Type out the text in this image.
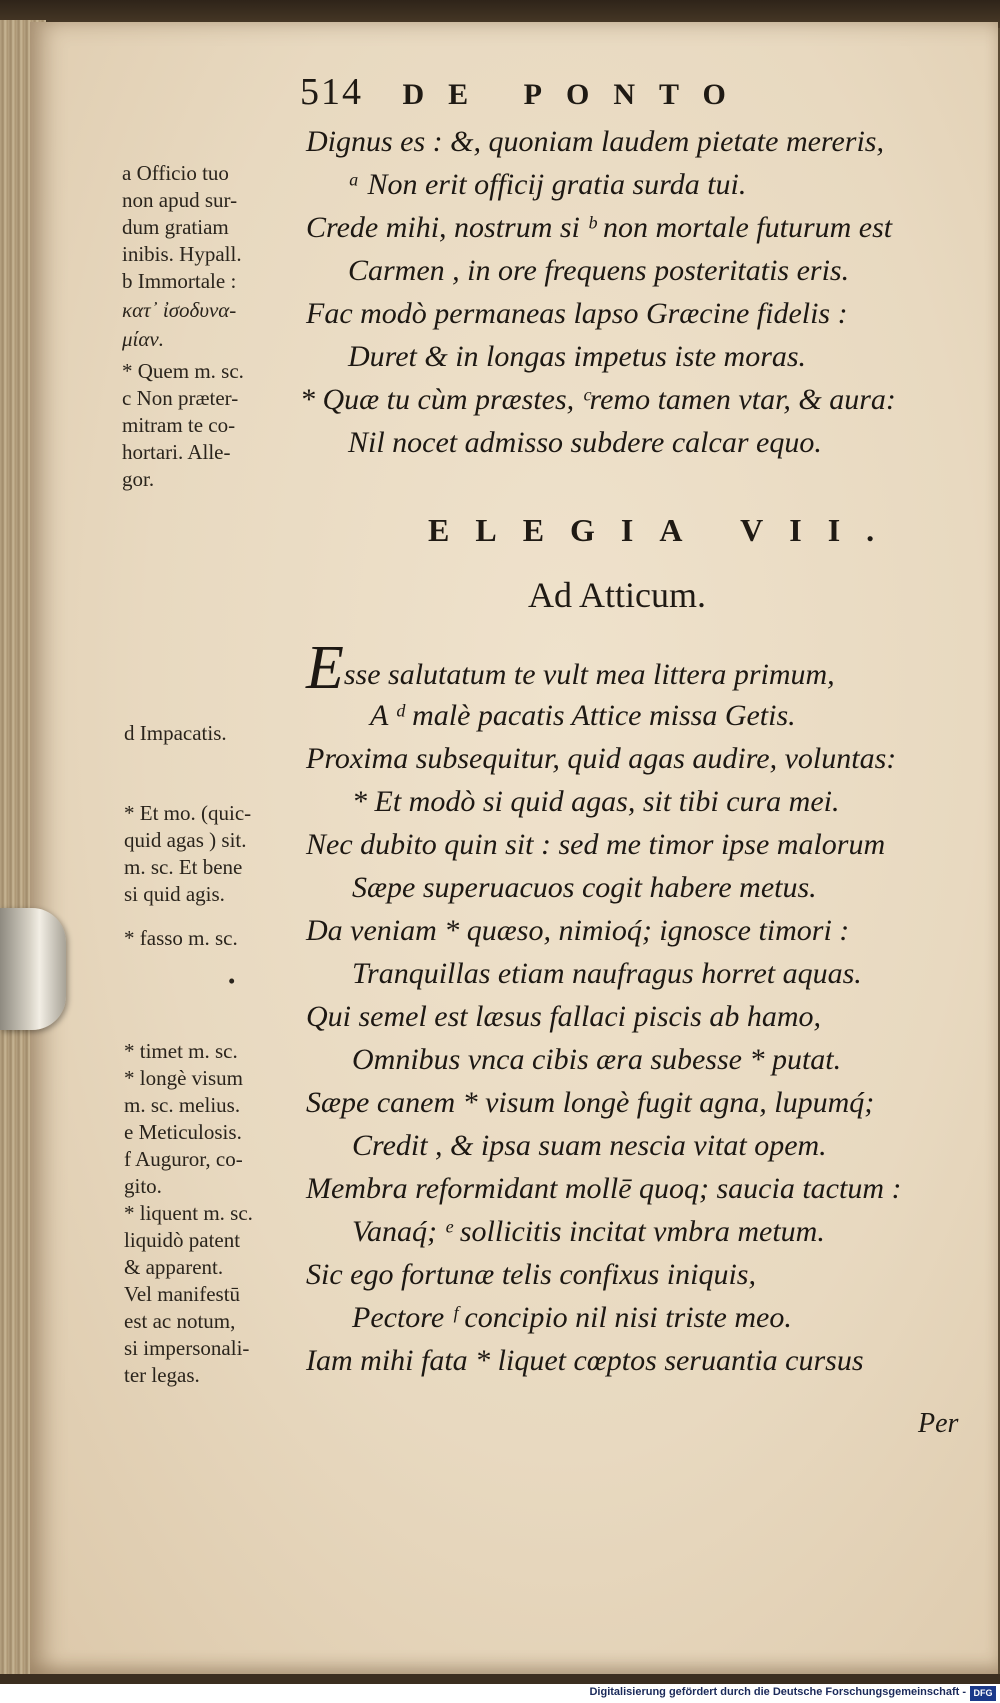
514 DE PONTO
Dignus es : &, quoniam laudem pietate mereris,
ᵃ Non erit officij gratia surda tui.
Crede mihi, nostrum si ᵇ non mortale futurum est
Carmen , in ore frequens posteritatis eris.
Fac modò permaneas lapso Græcine fidelis :
Duret & in longas impetus iste moras.
* Quæ tu cùm præstes, ᶜremo tamen vtar, & aura:
Nil nocet admisso subdere calcar equo.
a Officio tuo
non apud sur-
dum gratiam
inibis. Hypall.
b Immortale :
κατ᾽ ἰσοδυνα-
μίαν.
* Quem m. sc.
c Non præter-
mitram te co-
hortari. Alle-
gor.
ELEGIA VII.
Ad Atticum.
Esse salutatum te vult mea littera primum,
A ᵈ malè pacatis Attice missa Getis.
Proxima subsequitur, quid agas audire, voluntas:
* Et modò si quid agas, sit tibi cura mei.
Nec dubito quin sit : sed me timor ipse malorum
Sæpe superuacuos cogit habere metus.
Da veniam * quæso, nimioq́; ignosce timori :
Tranquillas etiam naufragus horret aquas.
Qui semel est læsus fallaci piscis ab hamo,
Omnibus vnca cibis æra subesse * putat.
Sæpe canem * visum longè fugit agna, lupumq́;
Credit , & ipsa suam nescia vitat opem.
Membra reformidant mollē quoq; saucia tactum :
Vanaq́; ᵉ sollicitis incitat vmbra metum.
Sic ego fortunæ telis confixus iniquis,
Pectore ᶠ concipio nil nisi triste meo.
Iam mihi fata * liquet cœptos seruantia cursus
d Impacatis.
* Et mo. (quic-
quid agas ) sit.
m. sc. Et bene
si quid agis.
* fasso m. sc.
•
* timet m. sc.
* longè visum
m. sc. melius.
e Meticulosis.
f Auguror, co-
gito.
* liquent m. sc.
liquidò patent
& apparent.
Vel manifestū
est ac notum,
si impersonali-
ter legas.
Per
Digitalisierung gefördert durch die Deutsche Forschungsgemeinschaft - DFG
